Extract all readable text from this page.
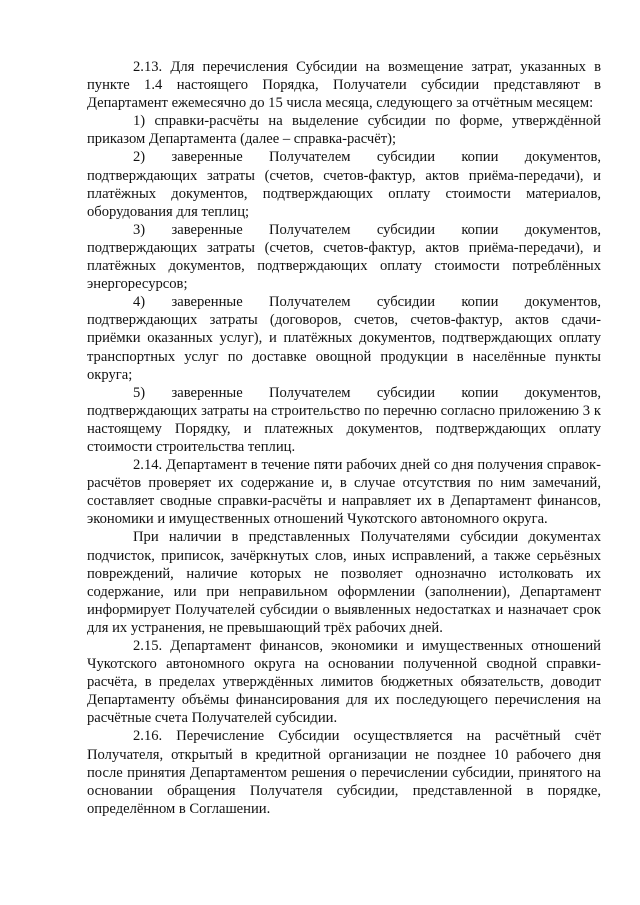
2.13. Для перечисления Субсидии на возмещение затрат, указанных в пункте 1.4 настоящего Порядка, Получатели субсидии представляют в Департамент ежемесячно до 15 числа месяца, следующего за отчётным месяцем:

1) справки-расчёты на выделение субсидии по форме, утверждённой приказом Департамента (далее – справка-расчёт);

2) заверенные Получателем субсидии копии документов, подтверждающих затраты (счетов, счетов-фактур, актов приёма-передачи), и платёжных документов, подтверждающих оплату стоимости материалов, оборудования для теплиц;

3) заверенные Получателем субсидии копии документов, подтверждающих затраты (счетов, счетов-фактур, актов приёма-передачи), и платёжных документов, подтверждающих оплату стоимости потреблённых энергоресурсов;

4) заверенные Получателем субсидии копии документов, подтверждающих затраты (договоров, счетов, счетов-фактур, актов сдачи-приёмки оказанных услуг), и платёжных документов, подтверждающих оплату транспортных услуг по доставке овощной продукции в населённые пункты округа;

5) заверенные Получателем субсидии копии документов, подтверждающих затраты на строительство по перечню согласно приложению 3 к настоящему Порядку, и платежных документов, подтверждающих оплату стоимости строительства теплиц.

2.14. Департамент в течение пяти рабочих дней со дня получения справок-расчётов проверяет их содержание и, в случае отсутствия по ним замечаний, составляет сводные справки-расчёты и направляет их в Департамент финансов, экономики и имущественных отношений Чукотского автономного округа.

При наличии в представленных Получателями субсидии документах подчисток, приписок, зачёркнутых слов, иных исправлений, а также серьёзных повреждений, наличие которых не позволяет однозначно истолковать их содержание, или при неправильном оформлении (заполнении), Департамент информирует Получателей субсидии о выявленных недостатках и назначает срок для их устранения, не превышающий трёх рабочих дней.

2.15. Департамент финансов, экономики и имущественных отношений Чукотского автономного округа на основании полученной сводной справки-расчёта, в пределах утверждённых лимитов бюджетных обязательств, доводит Департаменту объёмы финансирования для их последующего перечисления на расчётные счета Получателей субсидии.

2.16. Перечисление Субсидии осуществляется на расчётный счёт Получателя, открытый в кредитной организации не позднее 10 рабочего дня после принятия Департаментом решения о перечислении субсидии, принятого на основании обращения Получателя субсидии, представленной в порядке, определённом в Соглашении.
